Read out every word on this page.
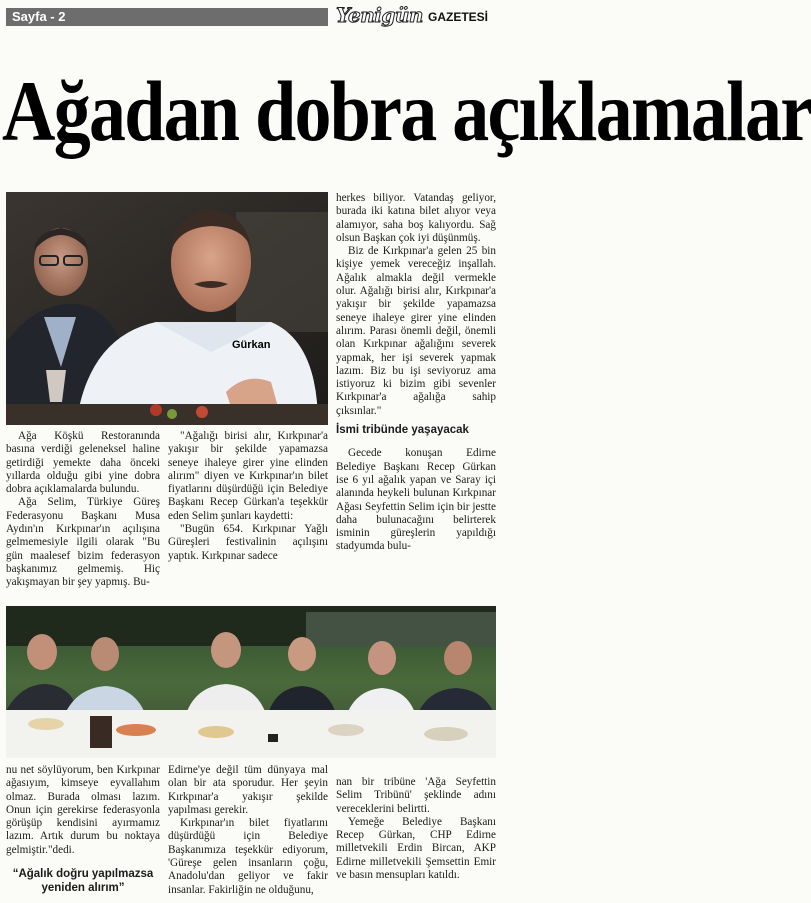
Sayfa - 2	Yenigün GAZETESİ
Ağadan dobra açıklamalar
Gürkan

Ağa Köşkü Restoranında basına verdiği geleneksel haline getirdiği yemekte daha önceki yıllarda olduğu gibi yine dobra dobra açıklamalarda bulundu.

Ağa Selim, Türkiye Güreş Federasyonu Başkanı Musa Aydın'ın Kırkpınar'ın açılışına gelmemesiyle ilgili olarak "Bu gün maalesef bizim federasyon başkanımız gelmemiş. Hiç yakışmayan bir şey yapmış. Bu-

"Ağalığı birisi alır, Kırkpınar'a yakışır bir şekilde yapamazsa seneye ihaleye girer yine elinden alırım" diyen ve Kırkpınar'ın bilet fiyatlarını düşürdüğü için Belediye Başkanı Recep Gürkan'a teşekkür eden Selim şunları kaydetti:

"Bugün 654. Kırkpınar Yağlı Güreşleri festivalinin açılışını yaptık. Kırkpınar sadece

herkes biliyor. Vatandaş geliyor, burada iki katına bilet alıyor veya alamıyor, saha boş kalıyordu. Sağ olsun Başkan çok iyi düşünmüş.

Biz de Kırkpınar'a gelen 25 bin kişiye yemek vereceğiz inşallah. Ağalık almakla değil vermekle olur. Ağalığı birisi alır, Kırkpınar'a yakışır bir şekilde yapamazsa seneye ihaleye girer yine elinden alırım. Parası önemli değil, önemli olan Kırkpınar ağalığını severek yapmak, her işi severek yapmak lazım. Biz bu işi seviyoruz ama istiyoruz ki bizim gibi sevenler Kırkpınar'a ağalığa sahip çıksınlar."

İsmi tribünde yaşayacak

Gecede konuşan Edirne Belediye Başkanı Recep Gürkan ise 6 yıl ağalık yapan ve Saray içi alanında heykeli bulunan Kırkpınar Ağası Seyfettin Selim için bir jestte daha bulunacağını belirterek isminin güreşlerin yapıldığı stadyumda bulu-

nu net söylüyorum, ben Kırkpınar ağasıyım, kimseye eyvallahım olmaz. Burada olması lazım. Onun için gerekirse federasyonla görüşüp kendisini ayırmamız lazım. Artık durum bu noktaya gelmiştir."dedi.

“Ağalık doğru yapılmazsa yeniden alırım”

Edirne'ye değil tüm dünyaya mal olan bir ata sporudur. Her şeyin Kırkpınar'a yakışır şekilde yapılması gerekir.

Kırkpınar'ın bilet fiyatlarını düşürdüğü için Belediye Başkanımıza teşekkür ediyorum, 'Güreşe gelen insanların çoğu, Anadolu'dan geliyor ve fakir insanlar. Fakirliğin ne olduğunu,

nan bir tribüne 'Ağa Seyfettin Selim Tribünü' şeklinde adını vereceklerini belirtti.

Yemeğe Belediye Başkanı Recep Gürkan, CHP Edirne milletvekili Erdin Bircan, AKP Edirne milletvekili Şemsettin Emir ve basın mensupları katıldı.
